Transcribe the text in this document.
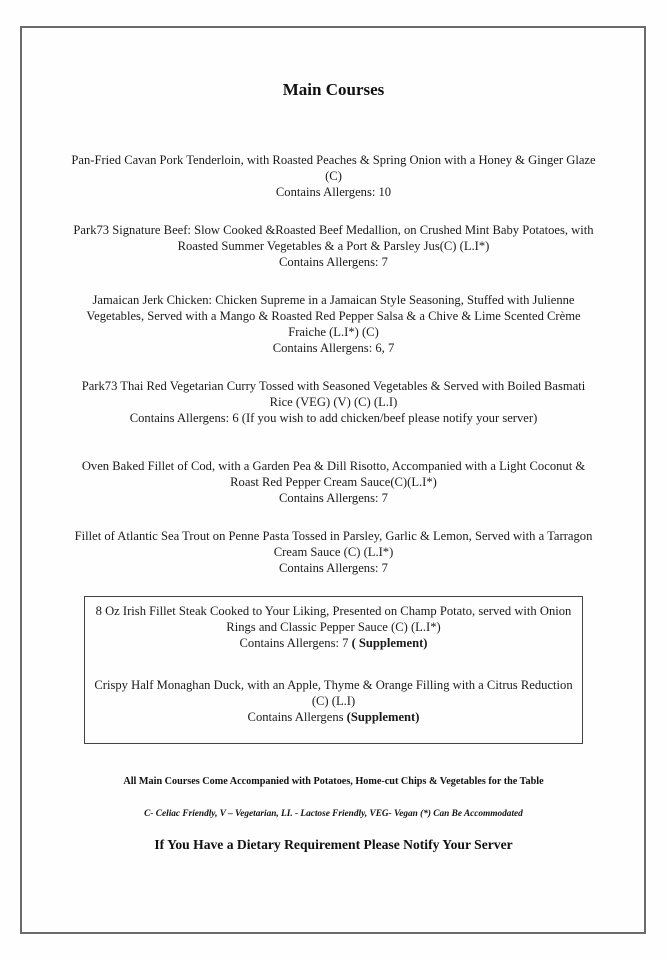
Main Courses
Pan-Fried Cavan Pork Tenderloin, with Roasted Peaches & Spring Onion with a Honey & Ginger Glaze (C)
Contains Allergens: 10
Park73 Signature Beef: Slow Cooked &Roasted Beef Medallion, on Crushed Mint Baby Potatoes, with Roasted Summer Vegetables & a Port & Parsley Jus(C) (L.I*)
Contains Allergens: 7
Jamaican Jerk Chicken: Chicken Supreme in a Jamaican Style Seasoning, Stuffed with Julienne Vegetables, Served with a Mango & Roasted Red Pepper Salsa & a Chive & Lime Scented Crème Fraiche (L.I*) (C)
Contains Allergens: 6, 7
Park73 Thai Red Vegetarian Curry Tossed with Seasoned Vegetables & Served with Boiled Basmati Rice (VEG) (V) (C) (L.I)
Contains Allergens: 6 (If you wish to add chicken/beef please notify your server)
Oven Baked Fillet of Cod, with a Garden Pea & Dill Risotto, Accompanied with a Light Coconut & Roast Red Pepper Cream Sauce(C)(L.I*)
Contains Allergens: 7
Fillet of Atlantic Sea Trout on Penne Pasta Tossed in Parsley, Garlic & Lemon, Served with a Tarragon Cream Sauce (C) (L.I*)
Contains Allergens: 7
8 Oz Irish Fillet Steak Cooked to Your Liking, Presented on Champ Potato, served with Onion Rings and Classic Pepper Sauce (C) (L.I*)
Contains Allergens: 7 ( Supplement)
Crispy Half Monaghan Duck, with an Apple, Thyme & Orange Filling with a Citrus Reduction (C) (L.I)
Contains Allergens (Supplement)
All Main Courses Come Accompanied with Potatoes, Home-cut Chips & Vegetables for the Table
C- Celiac Friendly, V – Vegetarian, LI. - Lactose Friendly, VEG- Vegan (*) Can Be Accommodated
If You Have a Dietary Requirement Please Notify Your Server
